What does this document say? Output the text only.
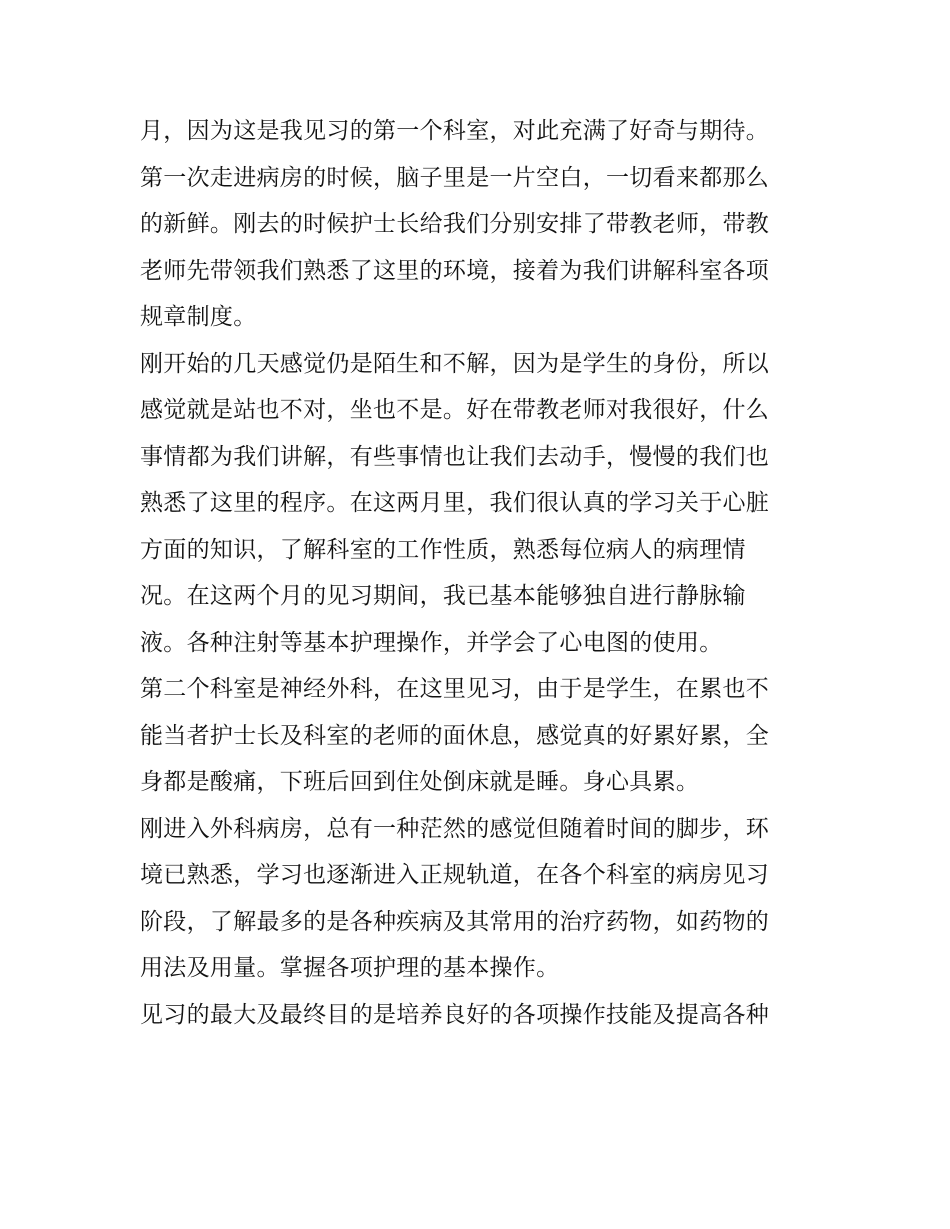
月，因为这是我见习的第一个科室，对此充满了好奇与期待。
第一次走进病房的时候，脑子里是一片空白，一切看来都那么
的新鲜。刚去的时候护士长给我们分别安排了带教老师，带教
老师先带领我们熟悉了这里的环境，接着为我们讲解科室各项
规章制度。
刚开始的几天感觉仍是陌生和不解，因为是学生的身份，所以
感觉就是站也不对，坐也不是。好在带教老师对我很好，什么
事情都为我们讲解，有些事情也让我们去动手，慢慢的我们也
熟悉了这里的程序。在这两月里，我们很认真的学习关于心脏
方面的知识，了解科室的工作性质，熟悉每位病人的病理情
况。在这两个月的见习期间，我已基本能够独自进行静脉输
液。各种注射等基本护理操作，并学会了心电图的使用。
第二个科室是神经外科，在这里见习，由于是学生，在累也不
能当者护士长及科室的老师的面休息，感觉真的好累好累，全
身都是酸痛，下班后回到住处倒床就是睡。身心具累。
刚进入外科病房，总有一种茫然的感觉但随着时间的脚步，环
境已熟悉，学习也逐渐进入正规轨道，在各个科室的病房见习
阶段，了解最多的是各种疾病及其常用的治疗药物，如药物的
用法及用量。掌握各项护理的基本操作。
见习的最大及最终目的是培养良好的各项操作技能及提高各种
